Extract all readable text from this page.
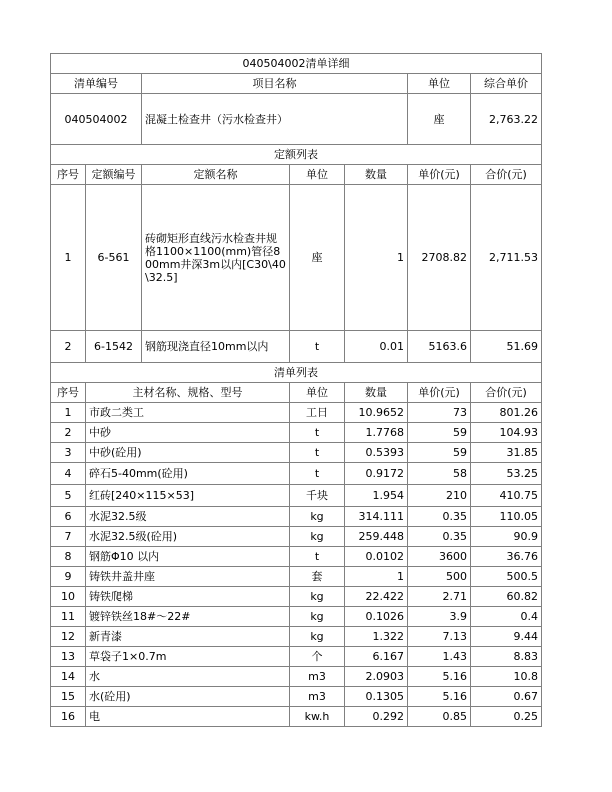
040504002清单详细						
清单编号		项目名称			单位	综合单价
040504002		混凝土检查井（污水检查井）			座	2,763.22
定额列表						
序号	定额编号	定额名称	单位	数量	单价(元)	合价(元)
1	6-561	砖砌矩形直线污水检查井规格1100×1100(mm)管径800mm井深3m以内[C30\40\32.5]	座	1	2708.82	2,711.53
2	6-1542	钢筋现浇直径10mm以内	t	0.01	5163.6	51.69
清单列表						
序号	主材名称、规格、型号		单位	数量	单价(元)	合价(元)
1	市政二类工		工日	10.9652	73	801.26
2	中砂		t	1.7768	59	104.93
3	中砂(砼用)		t	0.5393	59	31.85
4	碎石5-40mm(砼用)		t	0.9172	58	53.25
5	红砖[240×115×53]		千块	1.954	210	410.75
6	水泥32.5级		kg	314.111	0.35	110.05
7	水泥32.5级(砼用)		kg	259.448	0.35	90.9
8	钢筋Φ10 以内		t	0.0102	3600	36.76
9	铸铁井盖井座		套	1	500	500.5
10	铸铁爬梯		kg	22.422	2.71	60.82
11	镀锌铁丝18#～22#		kg	0.1026	3.9	0.4
12	新青漆		kg	1.322	7.13	9.44
13	草袋子1×0.7m		个	6.167	1.43	8.83
14	水		m3	2.0903	5.16	10.8
15	水(砼用)		m3	0.1305	5.16	0.67
16	电		kw.h	0.292	0.85	0.25
